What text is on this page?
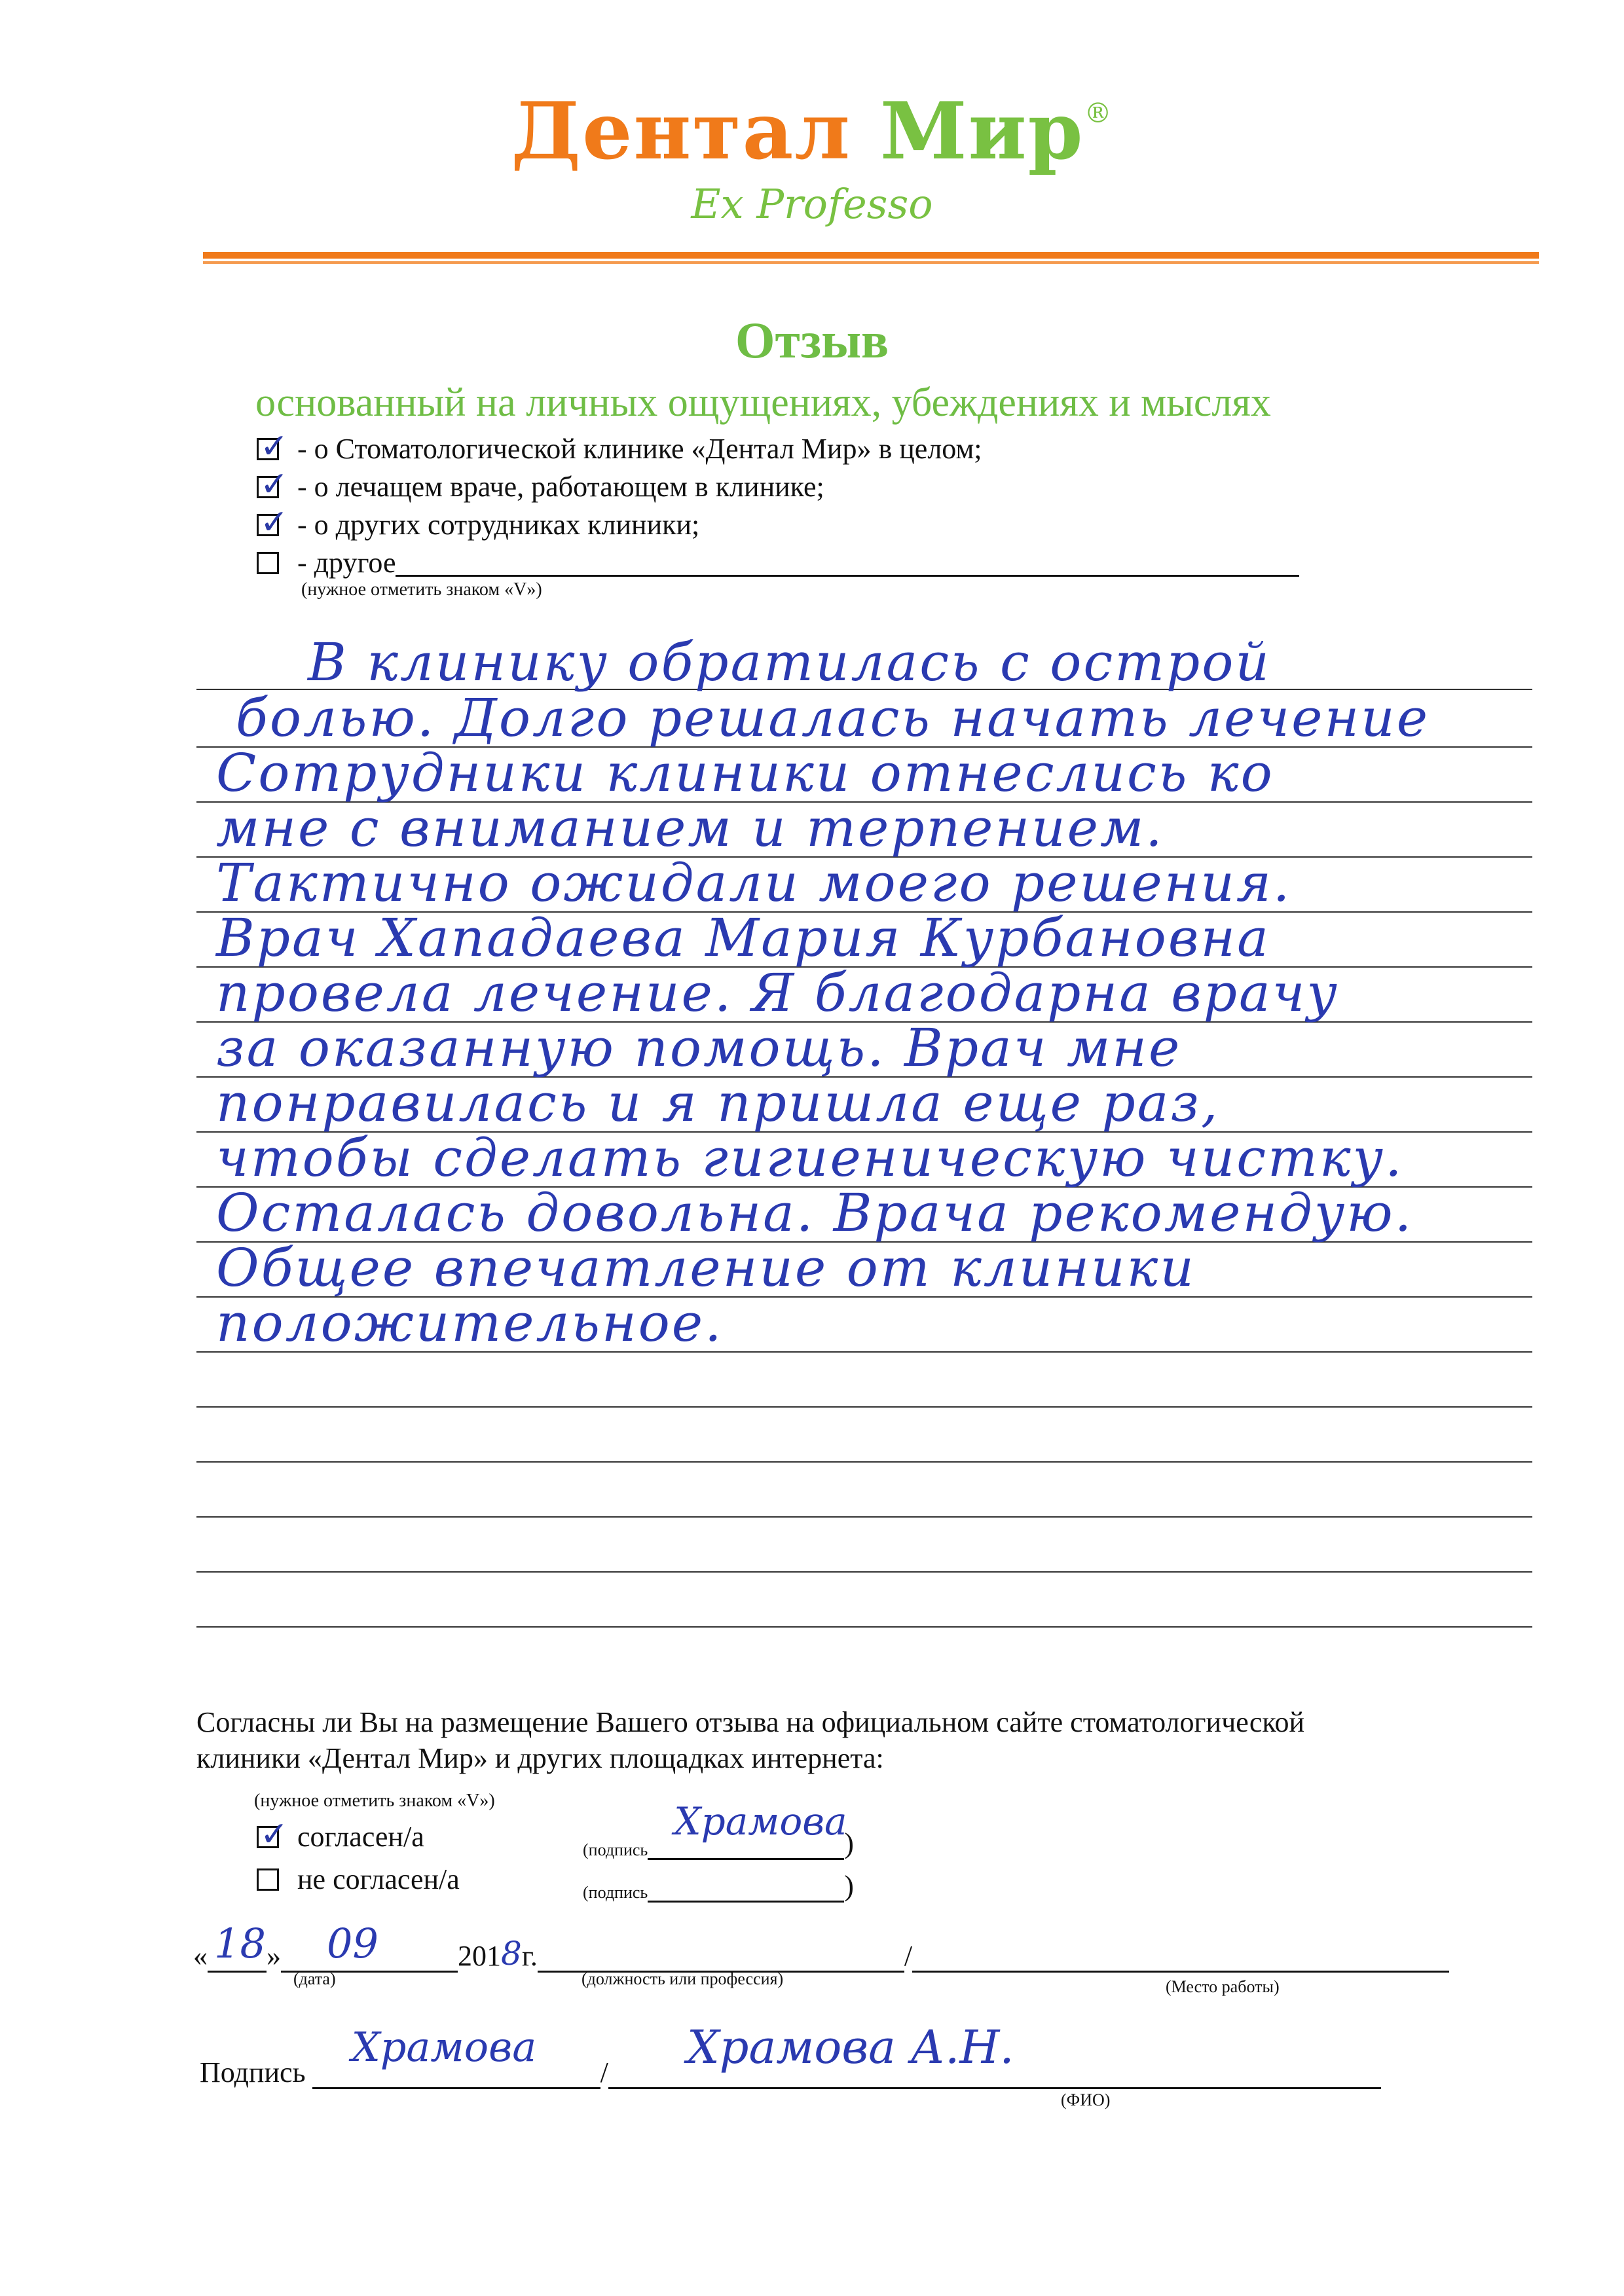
Дентал Мир®
Ex Professo
Отзыв
основанный на личных ощущениях, убеждениях и мыслях
✓ - о Стоматологической клинике «Дентал Мир» в целом;
✓ - о лечащем враче, работающем в клинике;
✓ - о других сотрудниках клиники;
- другое
(нужное отметить знаком «V»)
В клинику обратилась с острой
болью. Долго решалась начать лечение
Сотрудники клиники отнеслись ко
мне с вниманием и терпением.
Тактично ожидали моего решения.
Врач Хападаева Мария Курбановна
провела лечение. Я благодарна врачу
за оказанную помощь. Врач мне
понравилась и я пришла еще раз,
чтобы сделать гигиеническую чистку.
Осталась довольна. Врача рекомендую.
Общее впечатление от клиники
положительное.
Согласны ли Вы на размещение Вашего отзыва на официальном сайте стоматологической
клиники «Дентал Мир» и других площадках интернета:
(нужное отметить знаком «V»)
✓ согласен/а	(подпись
Храмова
)
не согласен/а	(подпись	)
« 18 » 09	201 8 г.	/
(дата)	(должность или профессия)	(Место работы)
Подпись
Храмова
/ Храмова А.Н.
(ФИО)
